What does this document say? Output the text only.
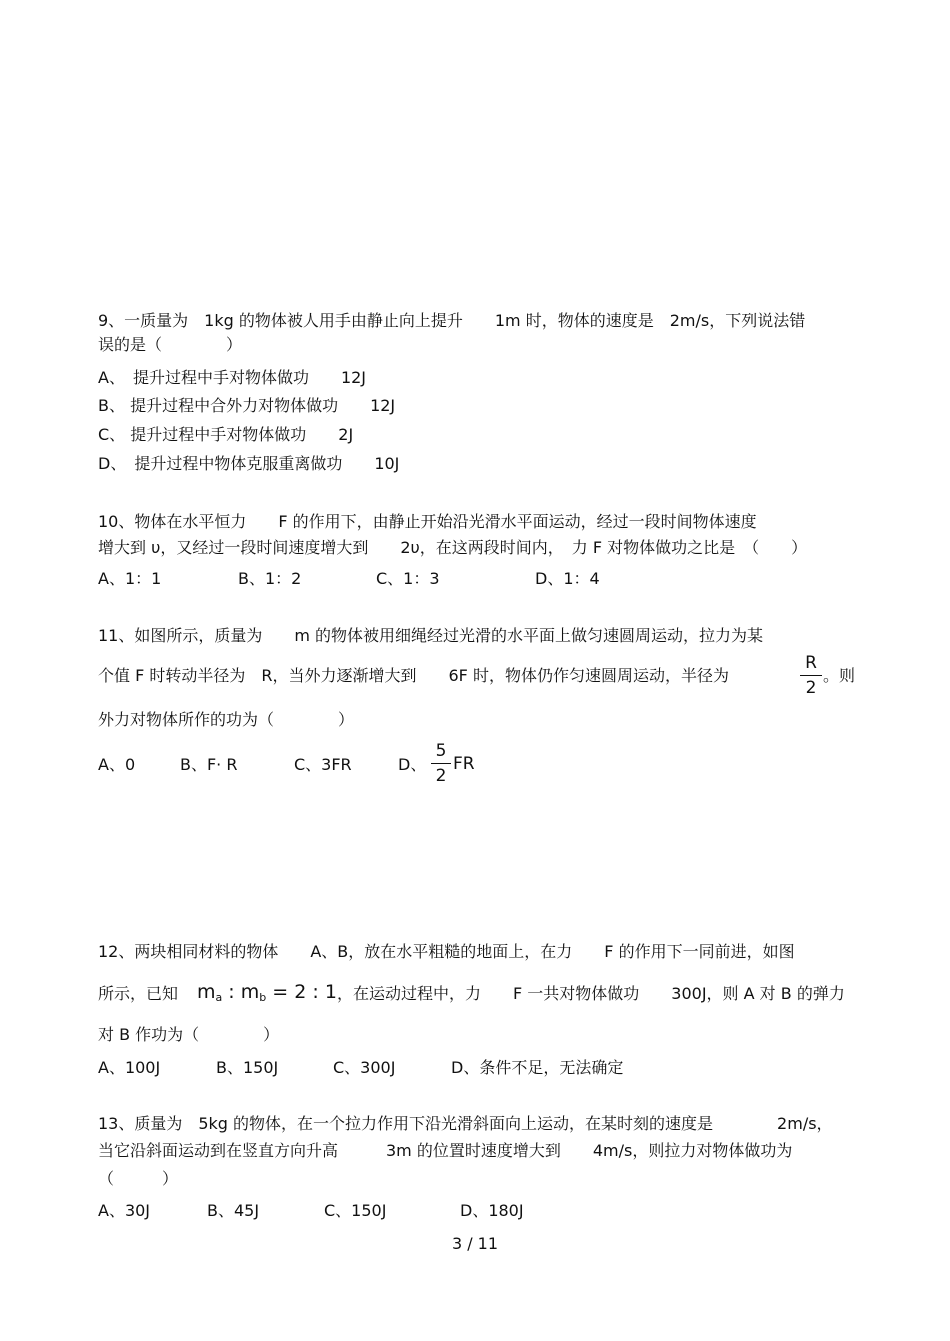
9、一质量为　1kg 的物体被人用手由静止向上提升　　1m 时，物体的速度是　2m/s，下列说法错
误的是（　　　　）
A、　提升过程中手对物体做功　　12J
B、 提升过程中合外力对物体做功　　12J
C、 提升过程中手对物体做功　　2J
D、　提升过程中物体克服重离做功　　10J
10、物体在水平恒力　　F 的作用下，由静止开始沿光滑水平面运动，经过一段时间物体速度
增大到 υ，又经过一段时间速度增大到　　2υ，在这两段时间内，　力 F 对物体做功之比是　（　　）
A、1：1	B、1：2	C、1：3	D、1：4
11、如图所示，质量为　　m 的物体被用细绳经过光滑的水平面上做匀速圆周运动，拉力为某
个值 F 时转动半径为　R，当外力逐渐增大到　　6F 时，物体仍作匀速圆周运动，半径为
R
2
。则
外力对物体所作的功为（　　　　）
A、0	B、F· R	C、3FR	D、
5
2
FR
12、两块相同材料的物体　　A、B，放在水平粗糙的地面上，在力　　F 的作用下一同前进，如图
所示，已知 $m_a$ : $m_b = 2$ : 1 ，在运动过程中，力　　F 一共对物体做功　　300J，则 A 对 B 的弹力
对 B 作功为（　　　　）
A、100J	B、150J	C、300J	D、条件不足，无法确定
13、质量为　5kg 的物体，在一个拉力作用下沿光滑斜面向上运动，在某时刻的速度是　　　　2m/s，
当它沿斜面运动到在竖直方向升高　　　3m 的位置时速度增大到　　4m/s，则拉力对物体做功为
（　　　）
A、30J	B、45J	C、150J	D、180J
3 / 11
